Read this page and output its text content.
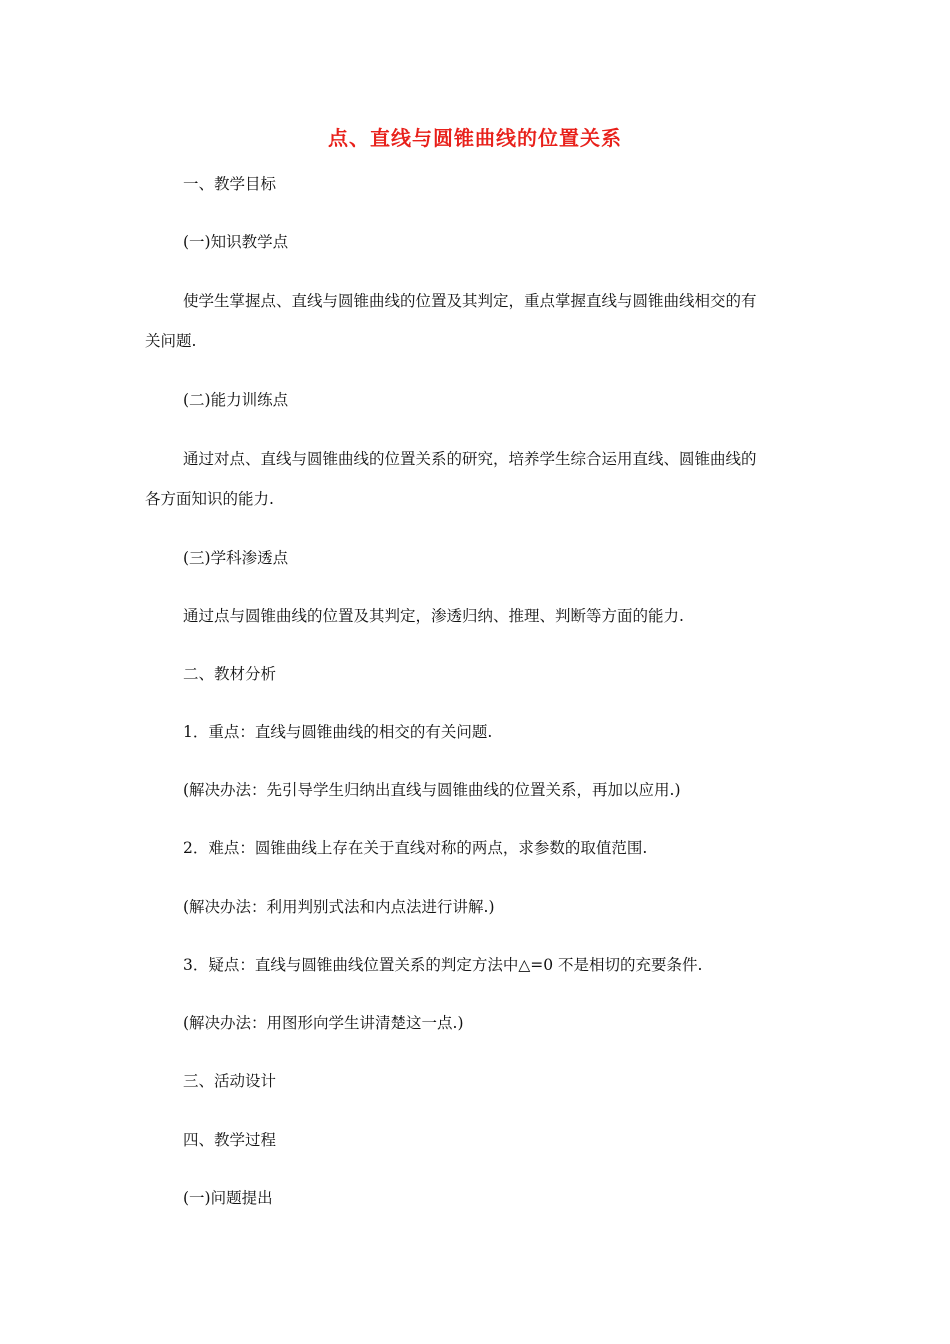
点、直线与圆锥曲线的位置关系
一、教学目标
(一)知识教学点
使学生掌握点、直线与圆锥曲线的位置及其判定，重点掌握直线与圆锥曲线相交的有
关问题.
(二)能力训练点
通过对点、直线与圆锥曲线的位置关系的研究，培养学生综合运用直线、圆锥曲线的
各方面知识的能力.
(三)学科渗透点
通过点与圆锥曲线的位置及其判定，渗透归纳、推理、判断等方面的能力.
二、教材分析
1．重点：直线与圆锥曲线的相交的有关问题.
(解决办法：先引导学生归纳出直线与圆锥曲线的位置关系，再加以应用.)
2．难点：圆锥曲线上存在关于直线对称的两点，求参数的取值范围.
(解决办法：利用判别式法和内点法进行讲解.)
3．疑点：直线与圆锥曲线位置关系的判定方法中△=0 不是相切的充要条件.
(解决办法：用图形向学生讲清楚这一点.)
三、活动设计
四、教学过程
(一)问题提出
